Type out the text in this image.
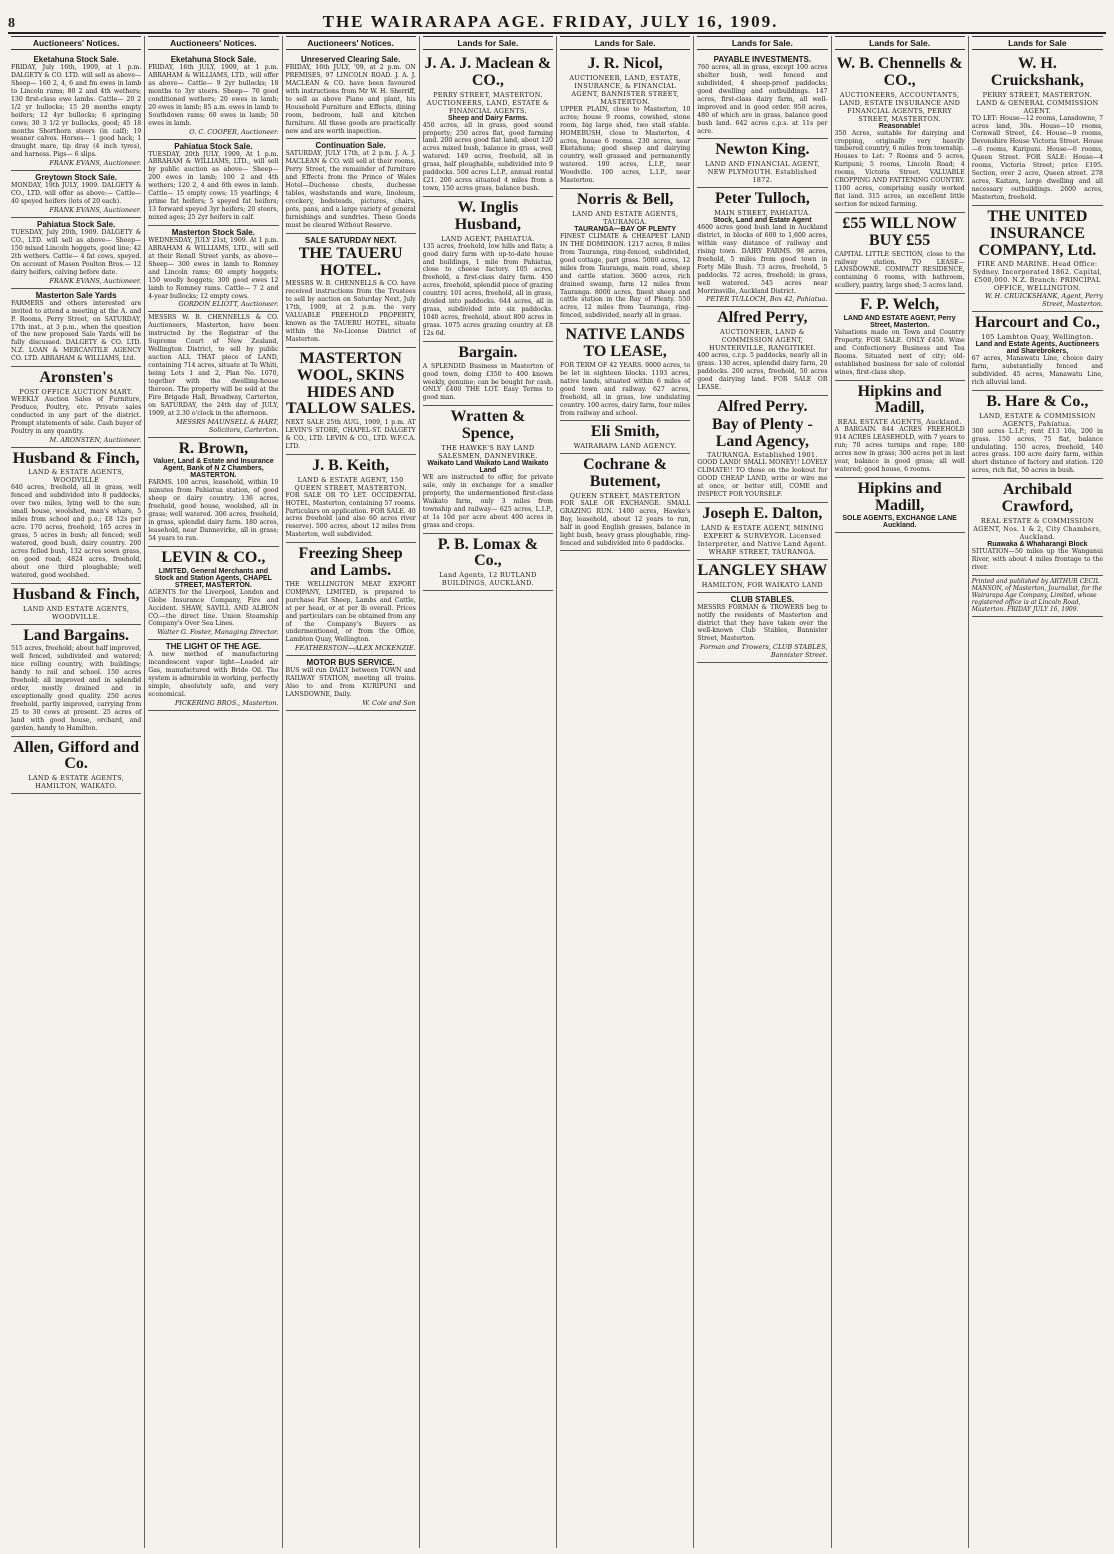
8	THE WAIRARAPA AGE. FRIDAY, JULY 16, 1909.
Auctioneers' Notices.
Eketahuna Stock Sale.
FRIDAY, July 16th, 1909, at 1 p.m. DALGETY & CO. LTD. will sell as above— Sheep— 160 2, 4, 6 and fm ewes in lamb to Lincoln rams; 80 2 and 4th wethers; 130 first-class ewe lambs. Cattle— 20 2 1/2 yr bullocks; 15 20 months empty heifers; 12 4yr bullocks; 6 springing cows; 30 3 1/2 yr bullocks, good; 45 18 months Shorthorn steers (in calf); 19 weaner calves. Horses— 1 good hack; 1 draught mare, tip dray (4 inch tyres), and harness. Pigs— 6 slips.
FRANK EVANS, Auctioneer.
Greytown Stock Sale.
MONDAY, 19th JULY, 1909. DALGETY & CO., LTD. will offer as above:— Cattle— 40 speyed heifers (lots of 20 each).
FRANK EVANS, Auctioneer.
Pahiatua Stock Sale.
TUESDAY, July 20th, 1909. DALGETY & CO., LTD. will sell as above— Sheep— 150 mixed Lincoln hoggets, good line; 42 2th wethers. Cattle— 4 fat cows, speyed. On account of Mason Poulton Bros.— 12 dairy heifers, calving before date.
FRANK EVANS, Auctioneer.
Masterton Sale Yards
FARMERS and others interested are invited to attend a meeting at the A. and P. Rooms, Perry Street, on SATURDAY, 17th inst., at 3 p.m., when the question of the new proposed Sale Yards will be fully discussed. DALGETY & CO. LTD. N.Z. LOAN & MERCANTILE AGENCY CO. LTD. ABRAHAM & WILLIAMS, Ltd.
Aronsten's
POST OFFICE AUCTION MART.
WEEKLY Auction Sales of Furniture, Produce, Poultry, etc. Private sales conducted in any part of the district. Prompt statements of sale. Cash buyer of Poultry in any quantity.
M. ARONSTEN, Auctioneer.
Husband & Finch,
LAND & ESTATE AGENTS, WOODVILLE
640 acres, freehold, all in grass, well fenced and subdivided into 8 paddocks, over two miles, lying well to the sun; small house, woolshed, man's whare, 5 miles from school and p.o.; £8 12s per acre. 170 acres, freehold, 165 acres in grass, 5 acres in bush; all fenced; well watered, good bush, dairy country. 200 acres felled bush, 132 acres sown grass, on good road; 4824 acres, freehold, about one third ploughable; well watered, good woolshed.
Husband & Finch,
LAND AND ESTATE AGENTS, WOODVILLE.
Land Bargains.
515 acres, freehold; about half improved, well fenced, subdivided and watered; nice rolling country, with buildings; handy to rail and school. 150 acres freehold; all improved and in splendid order, mostly drained and in exceptionally good quality. 250 acres freehold, partly improved, carrying from 25 to 30 cows at present. 25 acres of land with good house, orchard, and garden, handy to Hamilton.
Allen, Gifford and Co.
LAND & ESTATE AGENTS, HAMILTON, WAIKATO.
Auctioneers' Notices.
Eketahuna Stock Sale.
FRIDAY, 16th JULY, 1909, at 1 p.m. ABRAHAM & WILLIAMS, LTD., will offer as above— Cattle— 9 2yr bullocks; 18 months to 3yr steers. Sheep— 70 good conditioned wethers; 20 ewes in lamb; 20 ewes in lamb; 85 a.m. ewes in lamb to Southdown rams; 60 ewes in lamb; 50 ewes in lamb.
O. C. COOPER, Auctioneer.
Pahiatua Stock Sale.
TUESDAY, 20th JULY, 1909, At 1 p.m. ABRAHAM & WILLIAMS, LTD., will sell by public auction as above— Sheep— 200 ewes in lamb; 100 2 and 4th wethers; 120 2, 4 and 6th ewes in lamb. Cattle— 15 empty cows; 15 yearlings; 4 prime fat heifers; 5 speyed fat heifers; 13 forward speyed 3yr heifers; 20 steers, mixed ages; 25 2yr heifers in calf.
Masterton Stock Sale.
WEDNESDAY, JULY 21st, 1909. At 1 p.m. ABRAHAM & WILLIAMS, LTD., will sell at their Renall Street yards, as above— Sheep— 300 ewes in lamb to Romney and Lincoln rams; 60 empty hoggets; 150 woolly hoggets; 300 good ewes 12 lamb to Romney rams. Cattle— 7 2 and 4-year bullocks; 12 empty cows.
GORDON ELIOTT, Auctioneer.
MESSRS W. B. CHENNELLS & CO. Auctioneers, Masterton, have been instructed by the Registrar of the Supreme Court of New Zealand, Wellington District, to sell by public auction ALL THAT piece of LAND, containing 714 acres, situate at Te Whiti, being Lots 1 and 2, Plan No. 1070, together with the dwelling-house thereon. The property will be sold at the Fire Brigade Hall, Broadway, Carterton, on SATURDAY, the 24th day of JULY, 1909, at 2.30 o'clock in the afternoon.
MESSRS MAUNSELL & HART, Solicitors, Carterton.
R. Brown,
Valuer, Land & Estate and Insurance Agent, Bank of N Z Chambers, MASTERTON.
FARMS. 100 acres, leasehold, within 10 minutes from Pahiatua station, of good sheep or dairy country. 136 acres, freehold, good house, woolshed, all in grass; well watered. 306 acres, freehold, in grass, splendid dairy farm. 180 acres, leasehold, near Dannevirke, all in grass; 54 years to run.
LEVIN & CO.,
LIMITED, General Merchants and Stock and Station Agents, CHAPEL STREET, MASTERTON.
AGENTS for the Liverpool, London and Globe Insurance Company, Fire and Accident. SHAW, SAVILL AND ALBION CO.—the direct line. Union Steamship Company's Over Sea Lines.
Walter G. Foster, Managing Director.
THE LIGHT OF THE AGE.
A new method of manufacturing incandescent vapor light—Loaded air Gas, manufactured with Bride Oil. The system is admirable in working, perfectly simple, absolutely safe, and very economical.
PICKERING BROS., Masterton.
Auctioneers' Notices.
Unreserved Clearing Sale.
FRIDAY, 16th JULY, '09, at 2 p.m. ON PREMISES, 97 LINCOLN ROAD. J. A. J. MACLEAN & CO. have been favoured with instructions from Mr W. H. Sherriff, to sell as above Piano and plant, his Household Furniture and Effects, dining room, bedroom, hall and kitchen furniture. All these goods are practically new and are worth inspection.
Continuation Sale.
SATURDAY, JULY 17th, at 2 p.m. J. A. J. MACLEAN & CO. will sell at their rooms, Perry Street, the remainder of furniture and Effects from the Prince of Wales Hotel—Duchesse chests, duchesse tables, washstands and ware, linoleum, crockery, bedsteads, pictures, chairs, pots, pans, and a large variety of general furnishings and sundries. These Goods must be cleared Without Reserve.
SALE SATURDAY NEXT.
THE TAUERU HOTEL.
MESSRS W. B. CHENNELLS & CO. have received instructions from the Trustees to sell by auction on Saturday Next, July 17th, 1909, at 2 p.m. the very VALUABLE FREEHOLD PROPERTY, known as the TAUERU HOTEL, situate within the No-License District of Masterton.
MASTERTON WOOL, SKINS HIDES AND TALLOW SALES.
NEXT SALE 25th AUG., 1909, 1 p.m. AT LEVIN'S STORE, CHAPEL-ST. DALGETY & CO., LTD. LEVIN & CO., LTD. W.F.C.A. LTD.
J. B. Keith,
LAND & ESTATE AGENT, 150 QUEEN STREET, MASTERTON.
FOR SALE OR TO LET. OCCIDENTAL HOTEL, Masterton, containing 57 rooms. Particulars on application. FOR SALE. 40 acres freehold (and also 60 acres river reserve). 500 acres, about 12 miles from Masterton, well subdivided.
Freezing Sheep and Lambs.
THE WELLINGTON MEAT EXPORT COMPANY, LIMITED, is prepared to purchase Fat Sheep, Lambs and Cattle, at per head, or at per lb overall. Prices and particulars can be obtained from any of the Company's Buyers as undermentioned, or from the Office, Lambton Quay, Wellington.
FEATHERSTON—ALEX MCKENZIE.
MOTOR BUS SERVICE.
BUS will run DAILY between TOWN and RAILWAY STATION, meeting all trains. Also to and from KURIPUNI and LANSDOWNE, Daily.
W. Cole and Son
Lands for Sale.
J. A. J. Maclean & CO.,
PERRY STREET, MASTERTON. AUCTIONEERS, LAND, ESTATE & FINANCIAL AGENTS.
Sheep and Dairy Farms.
450 acres, all in grass, good sound property; 250 acres flat, good farming land. 200 acres good flat land, about 120 acres mixed bush, balance in grass, well watered. 149 acres, freehold, all in grass, half ploughable, subdivided into 9 paddocks. 500 acres L.I.P., annual rental £21. 200 acres situated 4 miles from a town, 150 acres grass, balance bush.
W. Inglis Husband,
LAND AGENT, PAHIATUA.
135 acres, freehold, low hills and flats; a good dairy farm with up-to-date house and buildings, 1 mile from Pahiatua, close to cheese factory. 105 acres, freehold, a first-class dairy farm. 450 acres, freehold, splendid piece of grazing country. 101 acres, freehold, all in grass, divided into paddocks. 644 acres, all in grass, subdivided into six paddocks. 1040 acres, freehold, about 800 acres in grass. 1075 acres grazing country at £8 12s 6d.
Bargain.
A SPLENDID Business in Masterton of good town, doing £350 to 400 known weekly, genuine; can be bought for cash. ONLY £400 THE LOT. Easy Terms to good man.
Wratten & Spence,
THE HAWKE'S BAY LAND SALESMEN, DANNEVIRKE.
Waikato Land Waikato Land Waikato Land
WE are instructed to offer, for private sale, only in exchange for a smaller property, the undermentioned first-class Waikato farm, only 3 miles from township and railway— 625 acres, L.I.P., at 1s 10d per acre about 400 acres in grass and crops.
P. B. Lomax & Co.,
Land Agents, 12 RUTLAND BUILDINGS, AUCKLAND.
Lands for Sale.
J. R. Nicol,
AUCTIONEER, LAND, ESTATE, INSURANCE, & FINANCIAL AGENT, BANNISTER STREET, MASTERTON.
UPPER PLAIN, close to Masterton, 10 acres; house 9 rooms, cowshed, stone room, big large shed, two stall stable. HOMEBUSH, close to Masterton, 4 acres, house 6 rooms. 230 acres, near Eketahuna; good sheep and dairying country, well grassed and permanently watered. 190 acres, L.I.P., near Woodville. 100 acres, L.I.P., near Masterton.
Norris & Bell,
LAND AND ESTATE AGENTS, TAURANGA.
TAURANGA—BAY OF PLENTY
FINEST CLIMATE & CHEAPEST LAND IN THE DOMINION. 1217 acres, 8 miles from Tauranga, ring-fenced, subdivided, good cottage, part grass. 5000 acres, 12 miles from Tauranga, main road, sheep and cattle station. 3600 acres, rich drained swamp, farm 12 miles from Tauranga. 8000 acres, finest sheep and cattle station in the Bay of Plenty. 550 acres, 12 miles from Tauranga, ring-fenced, subdivided, nearly all in grass.
NATIVE LANDS TO LEASE,
FOR TERM OF 42 YEARS. 9000 acres, to be let in eighteen blocks. 1193 acres, native lands, situated within 6 miles of good town and railway. 627 acres, freehold, all in grass, low undulating country. 100 acres, dairy farm, four miles from railway and school.
Eli Smith,
WAIRARAPA LAND AGENCY.
Cochrane & Butement,
QUEEN STREET, MASTERTON
FOR SALE OR EXCHANGE. SMALL GRAZING RUN. 1400 acres, Hawke's Bay, leasehold, about 12 years to run, half in good English grasses, balance in light bush, heavy grass ploughable, ring-fenced and subdivided into 6 paddocks.
Lands for Sale.
PAYABLE INVESTMENTS.
760 acres, all in grass, except 100 acres shelter bush, well fenced and subdivided, 4 sheep-proof paddocks; good dwelling and outbuildings. 147 acres, first-class dairy farm, all well-improved and in good order. 950 acres, 480 of which are in grass, balance good bush land. 642 acres c.p.s. at 11s per acre.
Newton King.
LAND AND FINANCIAL AGENT, NEW PLYMOUTH. Established 1872.
Peter Tulloch,
MAIN STREET, PAHIATUA.
Stock, Land and Estate Agent
4600 acres good bush land in Auckland district, in blocks of 600 to 1,600 acres, within easy distance of railway and rising town. DAIRY FARMS. 98 acres, freehold, 5 miles from good town in Forty Mile Bush. 73 acres, freehold, 5 paddocks. 72 acres, freehold; in grass, well watered. 545 acres near Morrinsville, Auckland District.
PETER TULLOCH, Box 42, Pahiatua.
Alfred Perry,
AUCTIONEER, LAND & COMMISSION AGENT, HUNTERVILLE, RANGITIKEI.
400 acres, c.r.p. 5 paddocks, nearly all in grass. 130 acres, splendid dairy farm, 20 paddocks. 200 acres, freehold, 50 acres good dairying land. FOR SALE OR LEASE.
Alfred Perry.
Bay of Plenty - Land Agency,
TAURANGA. Established 1901.
GOOD LAND! SMALL MONEY!! LOVELY CLIMATE!! TO those on the lookout for GOOD CHEAP LAND, write or wire me at once, or better still, COME and INSPECT FOR YOURSELF.
Joseph E. Dalton,
LAND & ESTATE AGENT, MINING EXPERT & SURVEYOR. Licensed Interpreter, and Native Land Agent. WHARF STREET, TAURANGA.
LANGLEY SHAW
HAMILTON, FOR WAIKATO LAND
CLUB STABLES.
MESSRS FORMAN & TROWERS beg to notify the residents of Masterton and district that they have taken over the well-known Club Stables, Bannister Street, Masterton.
Forman and Trowers, CLUB STABLES, Bannister Street.
Lands for Sale.
W. B. Chennells & CO.,
AUCTIONEERS, ACCOUNTANTS, LAND, ESTATE INSURANCE AND FINANCIAL AGENTS, PERRY STREET, MASTERTON.
Reasonable!
350 Acres, suitable for dairying and cropping, originally very heavily timbered country, 6 miles from township. Houses to Let: 7 Rooms and 5 acres, Kuripuni; 5 rooms, Lincoln Road; 4 rooms, Victoria Street. VALUABLE CROPPING AND FATTENING COUNTRY. 1100 acres, comprising easily worked flat land. 315 acres, an excellent little section for mixed farming.
£55 WILL NOW BUY £55
CAPITAL LITTLE SECTION, close to the railway station. TO LEASE—LANSDOWNE. COMPACT RESIDENCE, containing 6 rooms, with bathroom, scullery, pantry, large shed; 5 acres land.
F. P. Welch,
LAND AND ESTATE AGENT, Perry Street, Masterton.
Valuations made on Town and Country Property. FOR SALE. ONLY £450. Wine and Confectionery Business and Tea Rooms. Situated next of city; old-established business for sale of colonial wines, first-class shop.
Hipkins and Madill,
REAL ESTATE AGENTS, Auckland.
A BARGAIN. 844 ACRES FREEHOLD 914 ACRES LEASEHOLD, with 7 years to run; 70 acres turnips and rape; 180 acres now in grass; 300 acres pot in last year, balance in good grass; all well watered; good house, 6 rooms.
Hipkins and Madill,
SOLE AGENTS, EXCHANGE LANE Auckland.
Lands for Sale
W. H. Cruickshank,
PERRY STREET, MASTERTON. LAND & GENERAL COMMISSION AGENT.
TO LET: House—12 rooms, Lansdowne, 7 acres land, 30s. House—10 rooms, Cornwall Street, £4. House—9 rooms, Devonshire House Victoria Street. House—6 rooms, Kuripuni. House—6 rooms, Queen Street. FOR SALE: House—4 rooms, Victoria Street; price £195. Section, over 2 acre, Queen street. 278 acres, Kaitara, large dwelling and all necessary outbuildings. 2600 acres, Masterton, freehold.
THE UNITED INSURANCE COMPANY, Ltd.
FIRE AND MARINE. Head Office: Sydney. Incorporated 1862. Capital, £500,000. N.Z. Branch: PRINCIPAL OFFICE, WELLINGTON.
W. H. CRUICKSHANK, Agent, Perry Street, Masterton.
Harcourt and Co.,
105 Lambton Quay, Wellington.
Land and Estate Agents, Auctioneers and Sharebrokers,
67 acres, Manawatu Line, choice dairy farm, substantially fenced and subdivided. 45 acres, Manawatu Line, rich alluvial land.
B. Hare & Co.,
LAND, ESTATE & COMMISSION AGENTS, Pahiatua.
300 acres L.I.P.; rent £13 10s, 200 in grass. 150 acres, 75 flat, balance undulating. 150 acres, freehold, 140 acres grass. 100 acre dairy farm, within short distance of factory and station. 120 acres, rich flat, 50 acres in bush.
Archibald Crawford,
REAL ESTATE & COMMISSION AGENT, Nos. 1 & 2, City Chambers, Auckland.
Ruawaka & Whaharangi Block
SITUATION—50 miles up the Wanganui River, with about 4 miles frontage to the river.
Printed and published by ARTHUR CECIL MANSON, of Masterton, Journalist, for the Wairarapa Age Company, Limited, whose registered office is at Lincoln Road, Masterton. FRIDAY JULY 16, 1909.
